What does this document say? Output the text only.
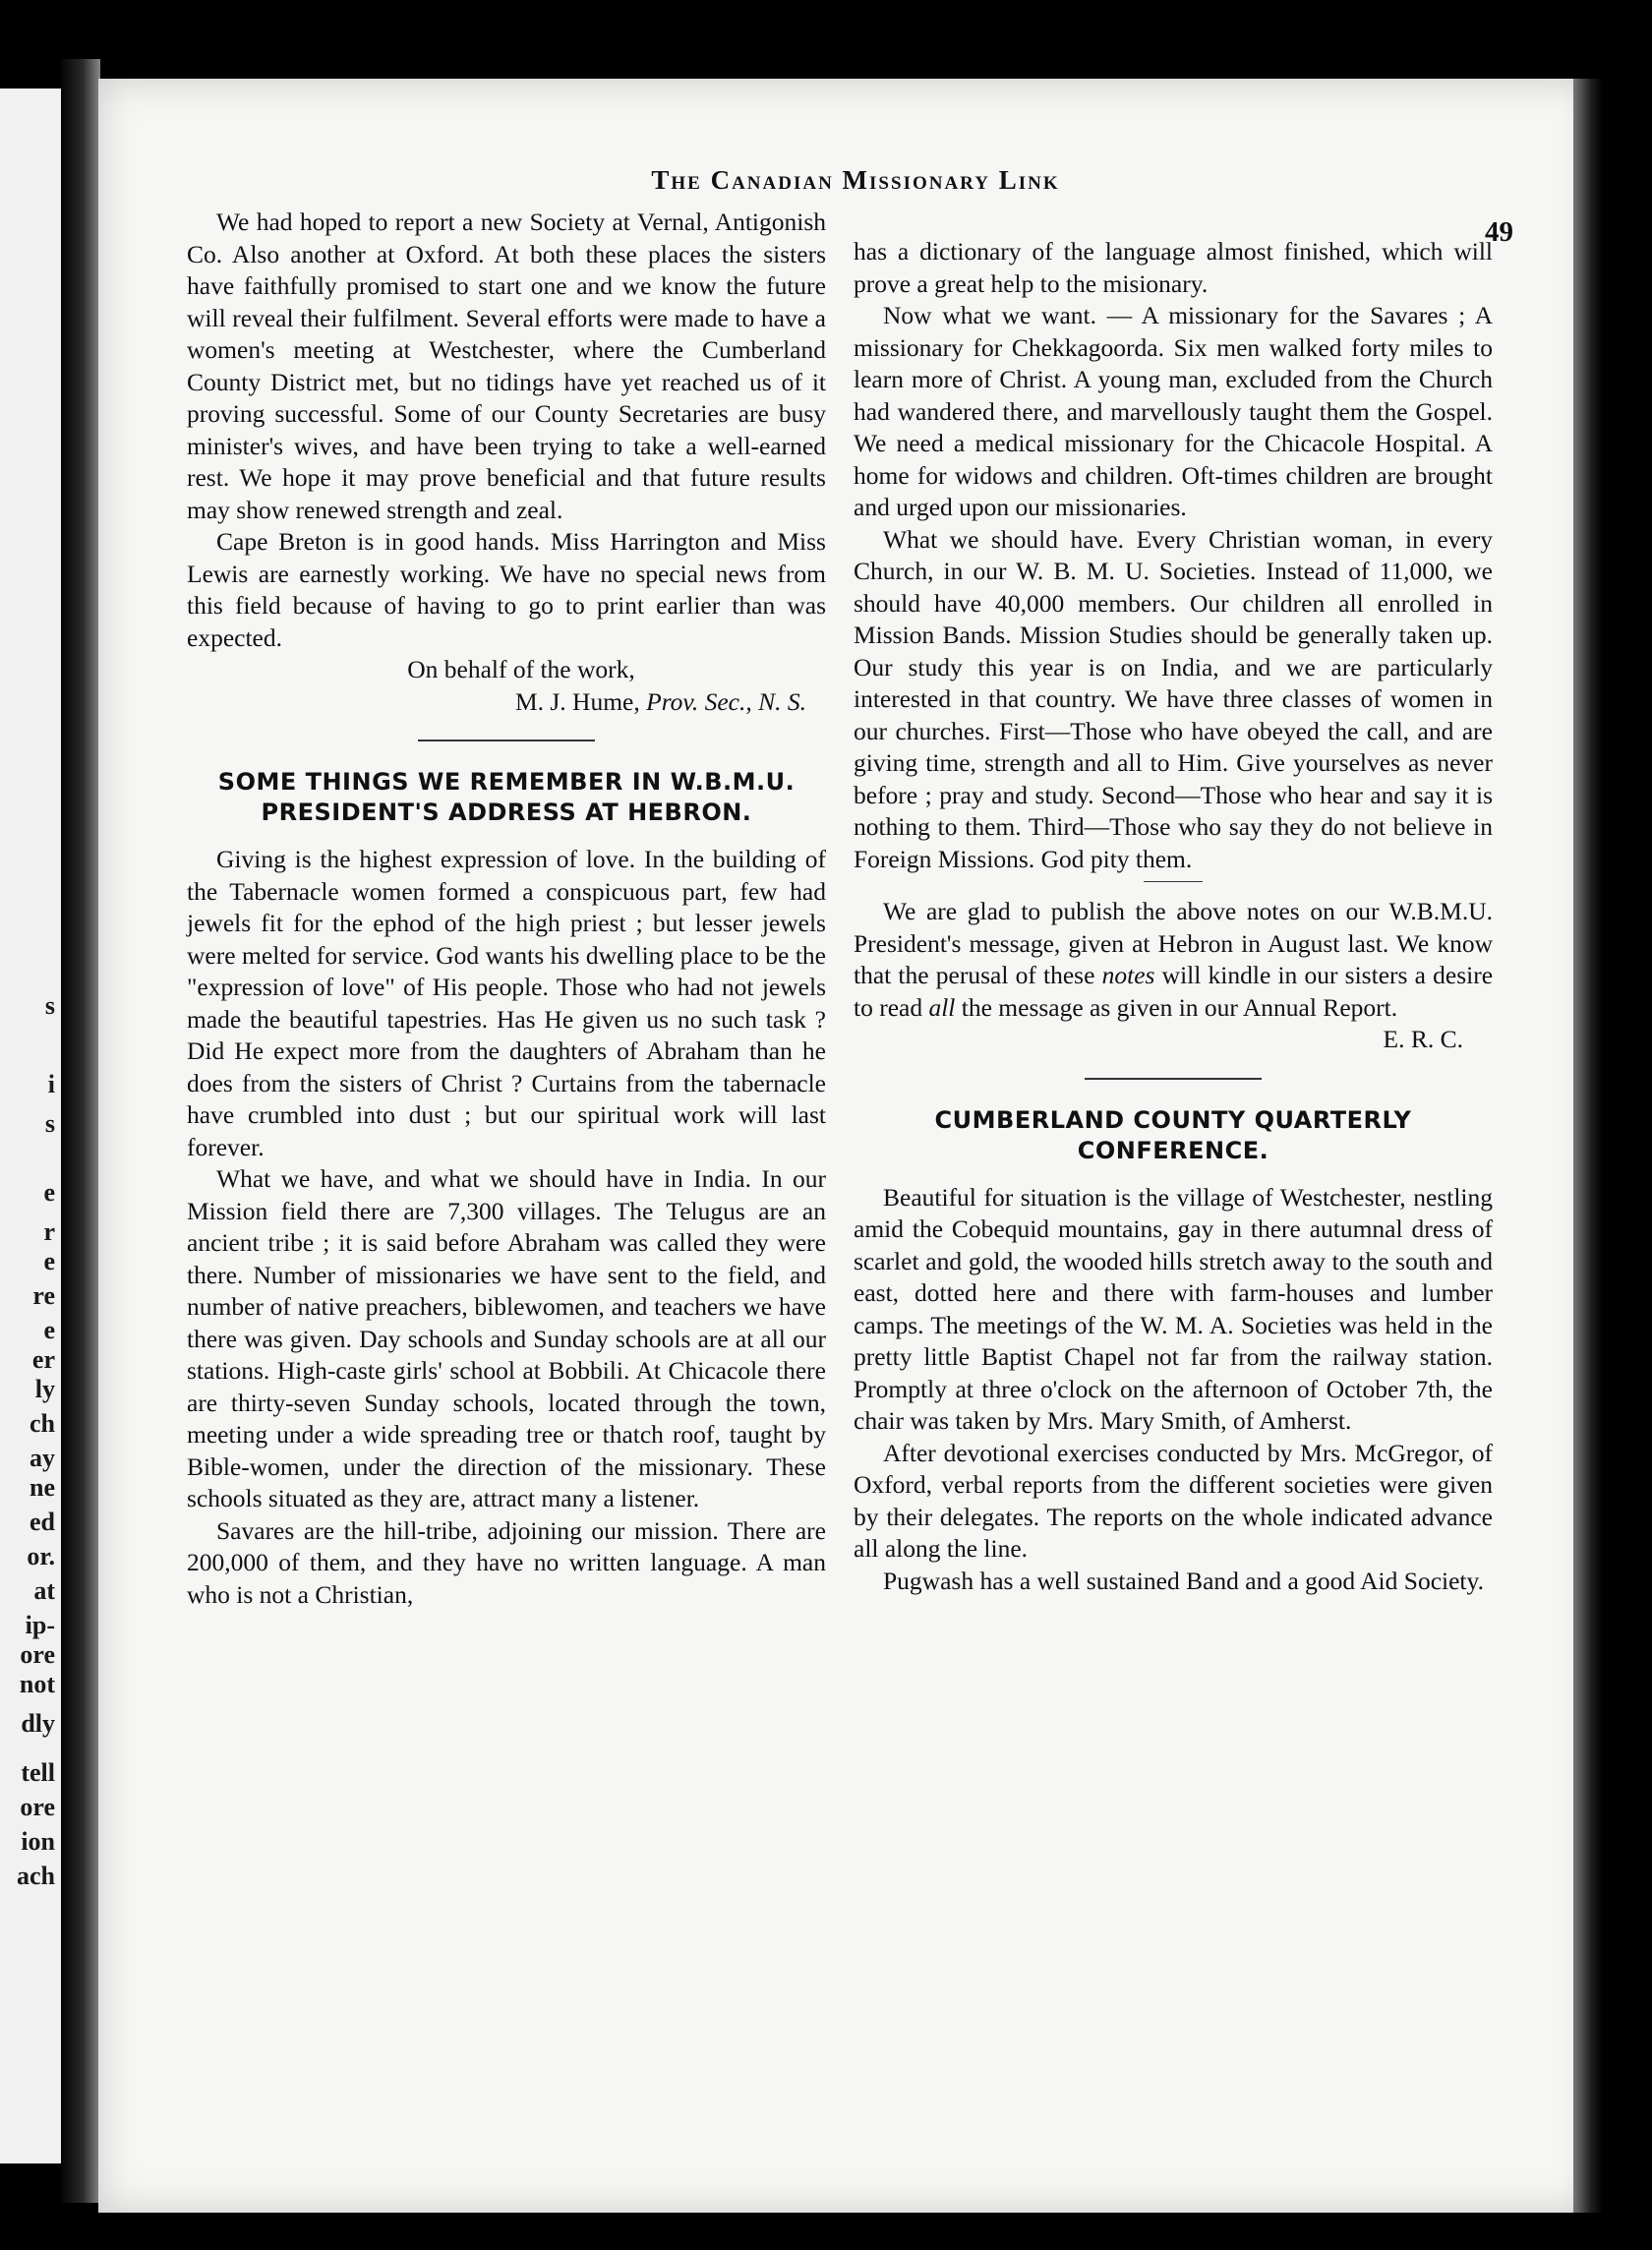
s
i
s
e
r
e
re
e
er
ly
ch
ay
ne
ed
or.
at
ip-
ore
not
dly
tell
ore
ion
ach
The Canadian Missionary Link
49

We had hoped to report a new Society at Vernal, Antigonish Co. Also another at Oxford. At both these places the sisters have faithfully promised to start one and we know the future will reveal their fulfilment. Several efforts were made to have a women's meeting at Westchester, where the Cumberland County District met, but no tidings have yet reached us of it proving successful. Some of our County Secretaries are busy minister's wives, and have been trying to take a well-earned rest. We hope it may prove beneficial and that future results may show renewed strength and zeal.

Cape Breton is in good hands. Miss Harrington and Miss Lewis are earnestly working. We have no special news from this field because of having to go to print earlier than was expected.

On behalf of the work,

M. J. Hume, Prov. Sec., N. S.

SOME THINGS WE REMEMBER IN W.B.M.U.
PRESIDENT'S ADDRESS AT HEBRON.

Giving is the highest expression of love. In the building of the Tabernacle women formed a conspicuous part, few had jewels fit for the ephod of the high priest ; but lesser jewels were melted for service. God wants his dwelling place to be the "expression of love" of His people. Those who had not jewels made the beautiful tapestries. Has He given us no such task ? Did He expect more from the daughters of Abraham than he does from the sisters of Christ ? Curtains from the tabernacle have crumbled into dust ; but our spiritual work will last forever.

What we have, and what we should have in India. In our Mission field there are 7,300 villages. The Telugus are an ancient tribe ; it is said before Abraham was called they were there. Number of missionaries we have sent to the field, and number of native preachers, biblewomen, and teachers we have there was given. Day schools and Sunday schools are at all our stations. High-caste girls' school at Bobbili. At Chicacole there are thirty-seven Sunday schools, located through the town, meeting under a wide spreading tree or thatch roof, taught by Bible-women, under the direction of the missionary. These schools situated as they are, attract many a listener.

Savares are the hill-tribe, adjoining our mission. There are 200,000 of them, and they have no written language. A man who is not a Christian,

has a dictionary of the language almost finished, which will prove a great help to the misionary.

Now what we want. — A missionary for the Savares ; A missionary for Chekkagoorda. Six men walked forty miles to learn more of Christ. A young man, excluded from the Church had wandered there, and marvellously taught them the Gospel. We need a medical missionary for the Chicacole Hospital. A home for widows and children. Oft-times children are brought and urged upon our missionaries.

What we should have. Every Christian woman, in every Church, in our W. B. M. U. Societies. Instead of 11,000, we should have 40,000 members. Our children all enrolled in Mission Bands. Mission Studies should be generally taken up. Our study this year is on India, and we are particularly interested in that country. We have three classes of women in our churches. First—Those who have obeyed the call, and are giving time, strength and all to Him. Give yourselves as never before ; pray and study. Second—Those who hear and say it is nothing to them. Third—Those who say they do not believe in Foreign Missions. God pity them.

We are glad to publish the above notes on our W.B.M.U. President's message, given at Hebron in August last. We know that the perusal of these notes will kindle in our sisters a desire to read all the message as given in our Annual Report.

E. R. C.

CUMBERLAND COUNTY QUARTERLY
CONFERENCE.

Beautiful for situation is the village of Westchester, nestling amid the Cobequid mountains, gay in there autumnal dress of scarlet and gold, the wooded hills stretch away to the south and east, dotted here and there with farm-houses and lumber camps. The meetings of the W. M. A. Societies was held in the pretty little Baptist Chapel not far from the railway station. Promptly at three o'clock on the afternoon of October 7th, the chair was taken by Mrs. Mary Smith, of Amherst.

After devotional exercises conducted by Mrs. McGregor, of Oxford, verbal reports from the different societies were given by their delegates. The reports on the whole indicated advance all along the line.

Pugwash has a well sustained Band and a good Aid Society.
